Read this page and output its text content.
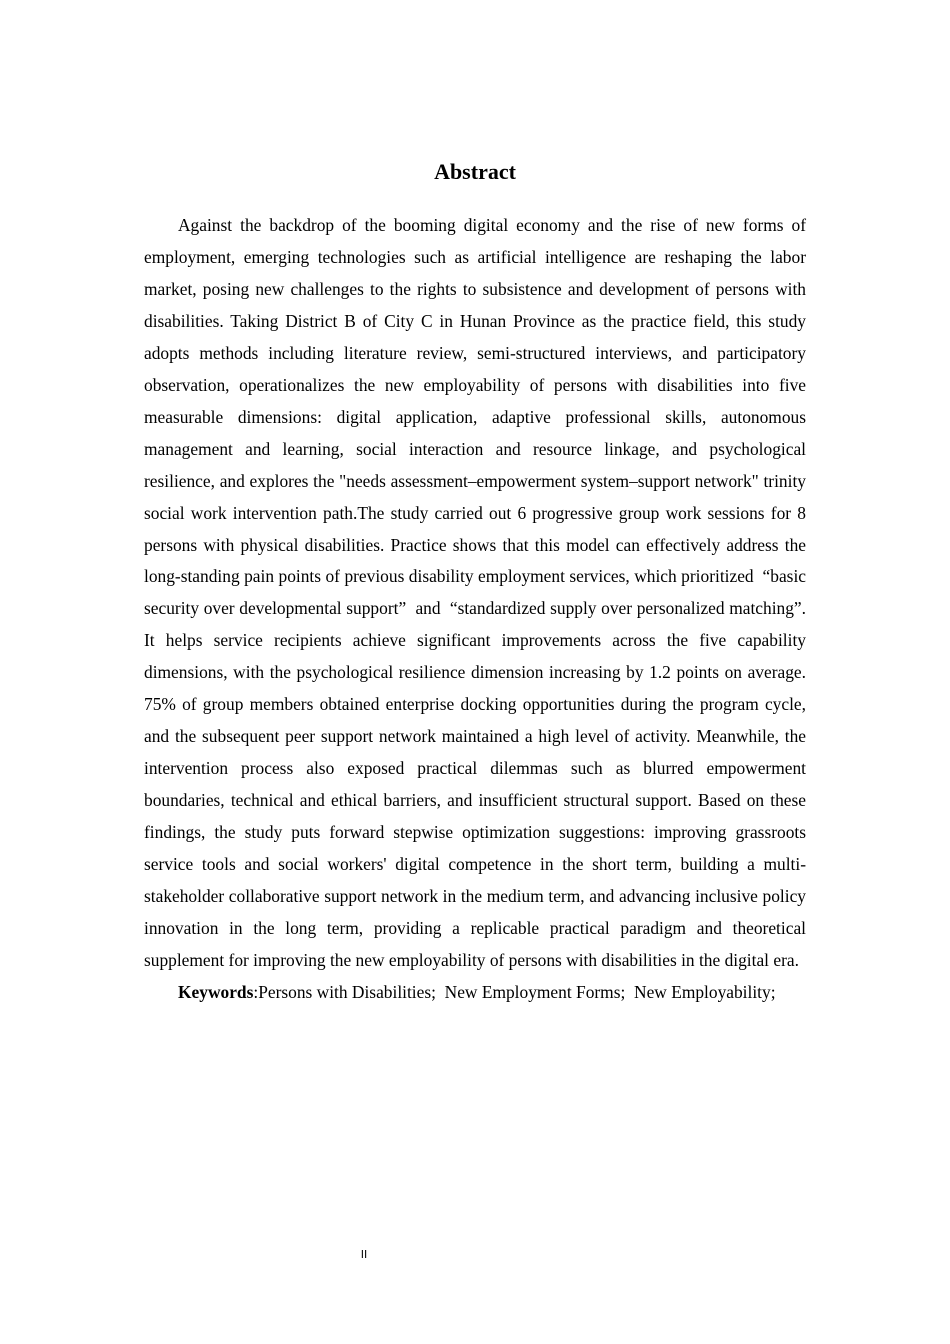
Abstract

Against the backdrop of the booming digital economy and the rise of new forms of employment, emerging technologies such as artificial intelligence are reshaping the labor market, posing new challenges to the rights to subsistence and development of persons with disabilities. Taking District B of City C in Hunan Province as the practice field, this study adopts methods including literature review, semi-structured interviews, and participatory observation, operationalizes the new employability of persons with disabilities into five measurable dimensions: digital application, adaptive professional skills, autonomous management and learning, social interaction and resource linkage, and psychological resilience, and explores the "needs assessment–empowerment system–support network" trinity social work intervention path.The study carried out 6 progressive group work sessions for 8 persons with physical disabilities. Practice shows that this model can effectively address the long-standing pain points of previous disability employment services, which prioritized  “basic security over developmental support”  and  “standardized supply over personalized matching”. It helps service recipients achieve significant improvements across the five capability dimensions, with the psychological resilience dimension increasing by 1.2 points on average. 75% of group members obtained enterprise docking opportunities during the program cycle, and the subsequent peer support network maintained a high level of activity. Meanwhile, the intervention process also exposed practical dilemmas such as blurred empowerment boundaries, technical and ethical barriers, and insufficient structural support. Based on these findings, the study puts forward stepwise optimization suggestions: improving grassroots service tools and social workers' digital competence in the short term, building a multi-stakeholder collaborative support network in the medium term, and advancing inclusive policy innovation in the long term, providing a replicable practical paradigm and theoretical supplement for improving the new employability of persons with disabilities in the digital era.

Keywords:Persons with Disabilities;  New Employment Forms;  New Employability;

II
